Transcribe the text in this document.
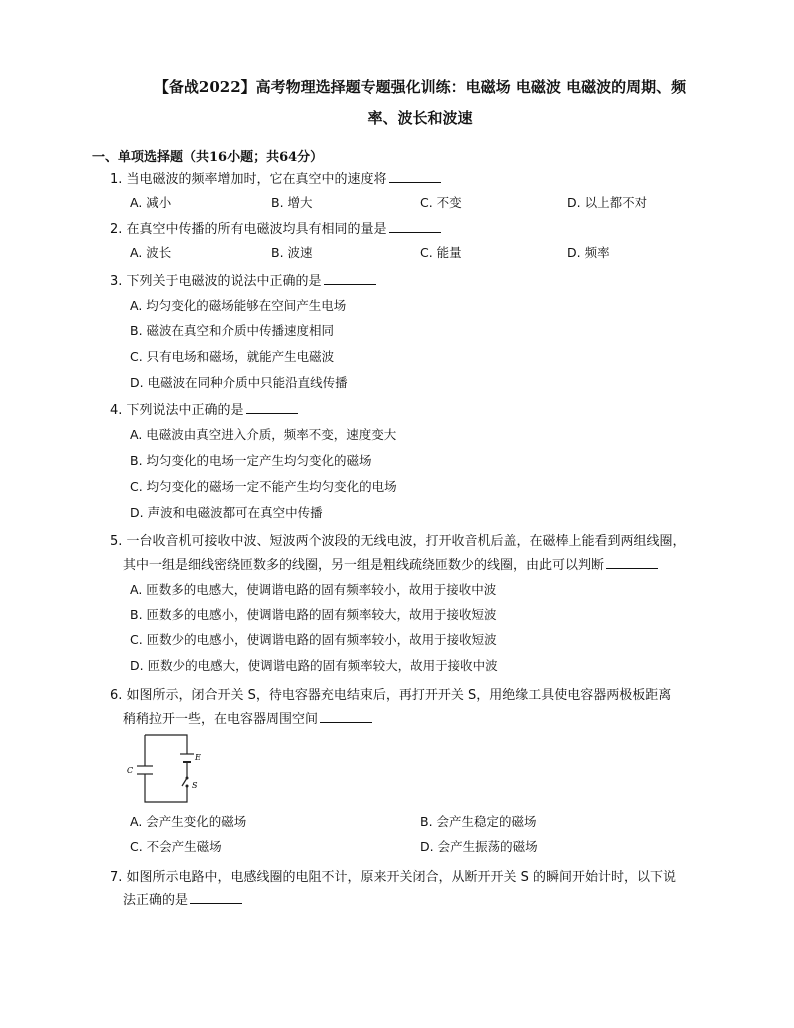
【备战2022】高考物理选择题专题强化训练：电磁场 电磁波 电磁波的周期、频
率、波长和波速
一、单项选择题（共16小题；共64分）
1. 当电磁波的频率增加时，它在真空中的速度将
A. 减小	B. 增大	C. 不变	D. 以上都不对
2. 在真空中传播的所有电磁波均具有相同的量是
A. 波长	B. 波速	C. 能量	D. 频率
3. 下列关于电磁波的说法中正确的是
A. 均匀变化的磁场能够在空间产生电场
B. 磁波在真空和介质中传播速度相同
C. 只有电场和磁场，就能产生电磁波
D. 电磁波在同种介质中只能沿直线传播
4. 下列说法中正确的是
A. 电磁波由真空进入介质，频率不变，速度变大
B. 均匀变化的电场一定产生均匀变化的磁场
C. 均匀变化的磁场一定不能产生均匀变化的电场
D. 声波和电磁波都可在真空中传播
5. 一台收音机可接收中波、短波两个波段的无线电波，打开收音机后盖，在磁棒上能看到两组线圈，
其中一组是细线密绕匝数多的线圈，另一组是粗线疏绕匝数少的线圈，由此可以判断
A. 匝数多的电感大，使调谐电路的固有频率较小，故用于接收中波
B. 匝数多的电感小，使调谐电路的固有频率较大，故用于接收短波
C. 匝数少的电感小，使调谐电路的固有频率较小，故用于接收短波
D. 匝数少的电感大，使调谐电路的固有频率较大，故用于接收中波
6. 如图所示，闭合开关 S，待电容器充电结束后，再打开开关 S，用绝缘工具使电容器两极板距离
稍稍拉开一些，在电容器周围空间
C
E
S
A. 会产生变化的磁场	B. 会产生稳定的磁场
C. 不会产生磁场	D. 会产生振荡的磁场
7. 如图所示电路中，电感线圈的电阻不计，原来开关闭合，从断开开关 S 的瞬间开始计时，以下说
法正确的是
